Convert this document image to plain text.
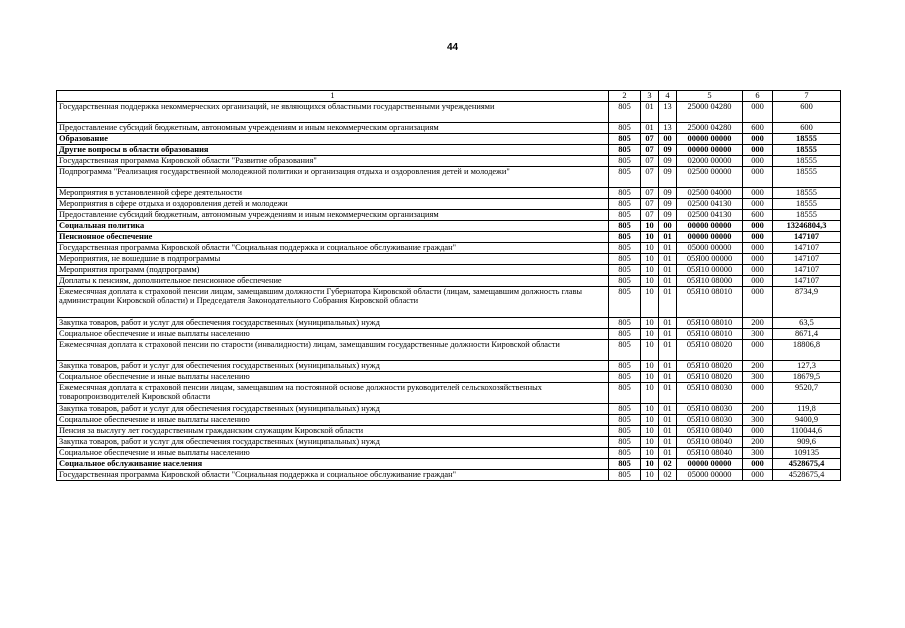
44
1	2	3	4	5	6	7
Государственная поддержка некоммерческих организаций, не являющихся областными государственными учреждениями	805	01	13	25000 04280	000	600
Предоставление субсидий бюджетным, автономным учреждениям и иным некоммерческим организациям	805	01	13	25000 04280	600	600
Образование	805	07	00	00000 00000	000	18555
Другие вопросы в области образования	805	07	09	00000 00000	000	18555
Государственная программа Кировской области "Развитие образования"	805	07	09	02000 00000	000	18555
Подпрограмма "Реализация государственной молодежной политики и организация отдыха и оздоровления детей и молодежи"	805	07	09	02500 00000	000	18555
Мероприятия в установленной сфере деятельности	805	07	09	02500 04000	000	18555
Мероприятия в сфере отдыха и оздоровления детей и молодежи	805	07	09	02500 04130	000	18555
Предоставление субсидий бюджетным, автономным учреждениям и иным некоммерческим организациям	805	07	09	02500 04130	600	18555
Социальная политика	805	10	00	00000 00000	000	13246804,3
Пенсионное обеспечение	805	10	01	00000 00000	000	147107
Государственная программа Кировской области "Социальная поддержка и социальное обслуживание граждан"	805	10	01	05000 00000	000	147107
Мероприятия, не вошедшие в подпрограммы	805	10	01	05Я00 00000	000	147107
Мероприятия программ (подпрограмм)	805	10	01	05Я10 00000	000	147107
Доплаты к пенсиям, дополнительное пенсионное обеспечение	805	10	01	05Я10 08000	000	147107
Ежемесячная доплата к страховой пенсии лицам, замещавшим должности Губернатора Кировской области (лицам, замещавшим должность главы администрации Кировской области) и Председателя Законодательного Собрания Кировской области	805	10	01	05Я10 08010	000	8734,9
Закупка товаров, работ и услуг для обеспечения государственных (муниципальных) нужд	805	10	01	05Я10 08010	200	63,5
Социальное обеспечение и иные выплаты населению	805	10	01	05Я10 08010	300	8671,4
Ежемесячная доплата к страховой пенсии по старости (инвалидности) лицам, замещавшим государственные должности Кировской области	805	10	01	05Я10 08020	000	18806,8
Закупка товаров, работ и услуг для обеспечения государственных (муниципальных) нужд	805	10	01	05Я10 08020	200	127,3
Социальное обеспечение и иные выплаты населению	805	10	01	05Я10 08020	300	18679,5
Ежемесячная доплата к страховой пенсии лицам, замещавшим на постоянной основе должности руководителей сельскохозяйственных товаропроизводителей Кировской области	805	10	01	05Я10 08030	000	9520,7
Закупка товаров, работ и услуг для обеспечения государственных (муниципальных) нужд	805	10	01	05Я10 08030	200	119,8
Социальное обеспечение и иные выплаты населению	805	10	01	05Я10 08030	300	9400,9
Пенсия за выслугу лет государственным гражданским служащим Кировской области	805	10	01	05Я10 08040	000	110044,6
Закупка товаров, работ и услуг для обеспечения государственных (муниципальных) нужд	805	10	01	05Я10 08040	200	909,6
Социальное обеспечение и иные выплаты населению	805	10	01	05Я10 08040	300	109135
Социальное обслуживание населения	805	10	02	00000 00000	000	4528675,4
Государственная программа Кировской области "Социальная поддержка и социальное обслуживание граждан"	805	10	02	05000 00000	000	4528675,4
